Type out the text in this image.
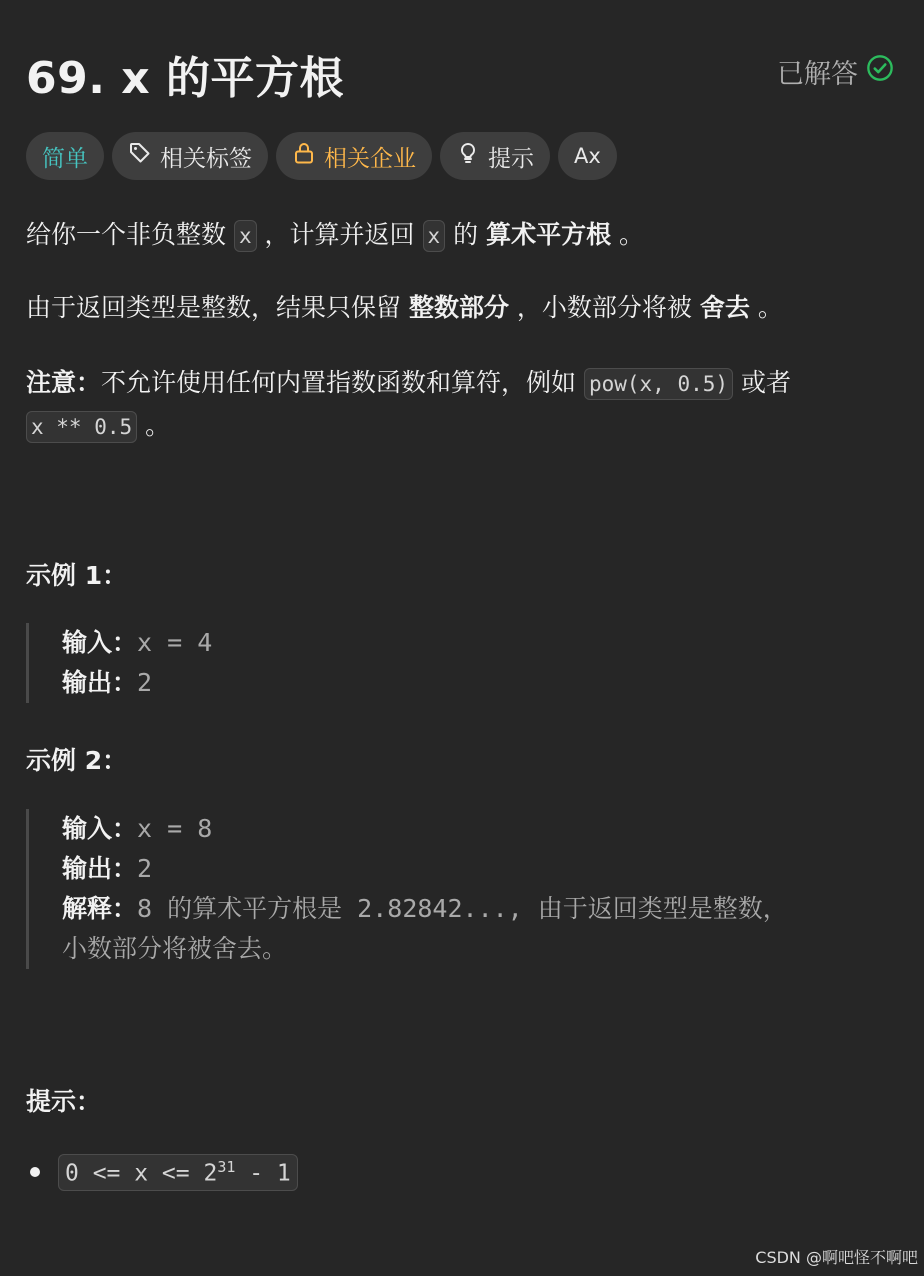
69. x 的平方根	已解答
简单	相关标签	相关企业	提示 Ax
给你一个非负整数 x ，计算并返回 x 的 算术平方根 。
由于返回类型是整数，结果只保留 整数部分 ，小数部分将被 舍去 。
注意：不允许使用任何内置指数函数和算符，例如 pow(x, 0.5) 或者 x ** 0.5 。
示例 1：
输入：x = 4
输出：2
示例 2：
输入：x = 8
输出：2
解释：8 的算术平方根是 2.82842..., 由于返回类型是整数，
小数部分将被舍去。
提示：
$0 <= x <= 2^{31} - 1$
CSDN @啊吧怪不啊吧
